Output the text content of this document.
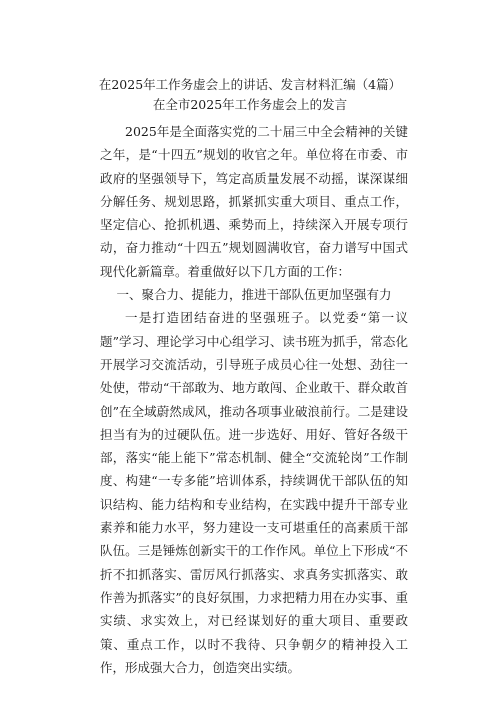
在2025年工作务虚会上的讲话、发言材料汇编（4篇）
在全市2025年工作务虚会上的发言

2025年是全面落实党的二十届三中全会精神的关键之年，是“十四五”规划的收官之年。单位将在市委、市政府的坚强领导下，笃定高质量发展不动摇，谋深谋细分解任务、规划思路，抓紧抓实重大项目、重点工作，坚定信心、抢抓机遇、乘势而上，持续深入开展专项行动，奋力推动“十四五”规划圆满收官，奋力谱写中国式现代化新篇章。着重做好以下几方面的工作：

一、聚合力、提能力，推进干部队伍更加坚强有力

一是打造团结奋进的坚强班子。以党委“第一议题”学习、理论学习中心组学习、读书班为抓手，常态化开展学习交流活动，引导班子成员心往一处想、劲往一处使，带动“干部敢为、地方敢闯、企业敢干、群众敢首创”在全域蔚然成风，推动各项事业破浪前行。二是建设担当有为的过硬队伍。进一步选好、用好、管好各级干部，落实“能上能下”常态机制、健全“交流轮岗”工作制度、构建“一专多能”培训体系，持续调优干部队伍的知识结构、能力结构和专业结构，在实践中提升干部专业素养和能力水平，努力建设一支可堪重任的高素质干部队伍。三是锤炼创新实干的工作作风。单位上下形成“不折不扣抓落实、雷厉风行抓落实、求真务实抓落实、敢作善为抓落实”的良好氛围，力求把精力用在办实事、重实绩、求实效上，对已经谋划好的重大项目、重要政策、重点工作，以时不我待、只争朝夕的精神投入工作，形成强大合力，创造突出实绩。
